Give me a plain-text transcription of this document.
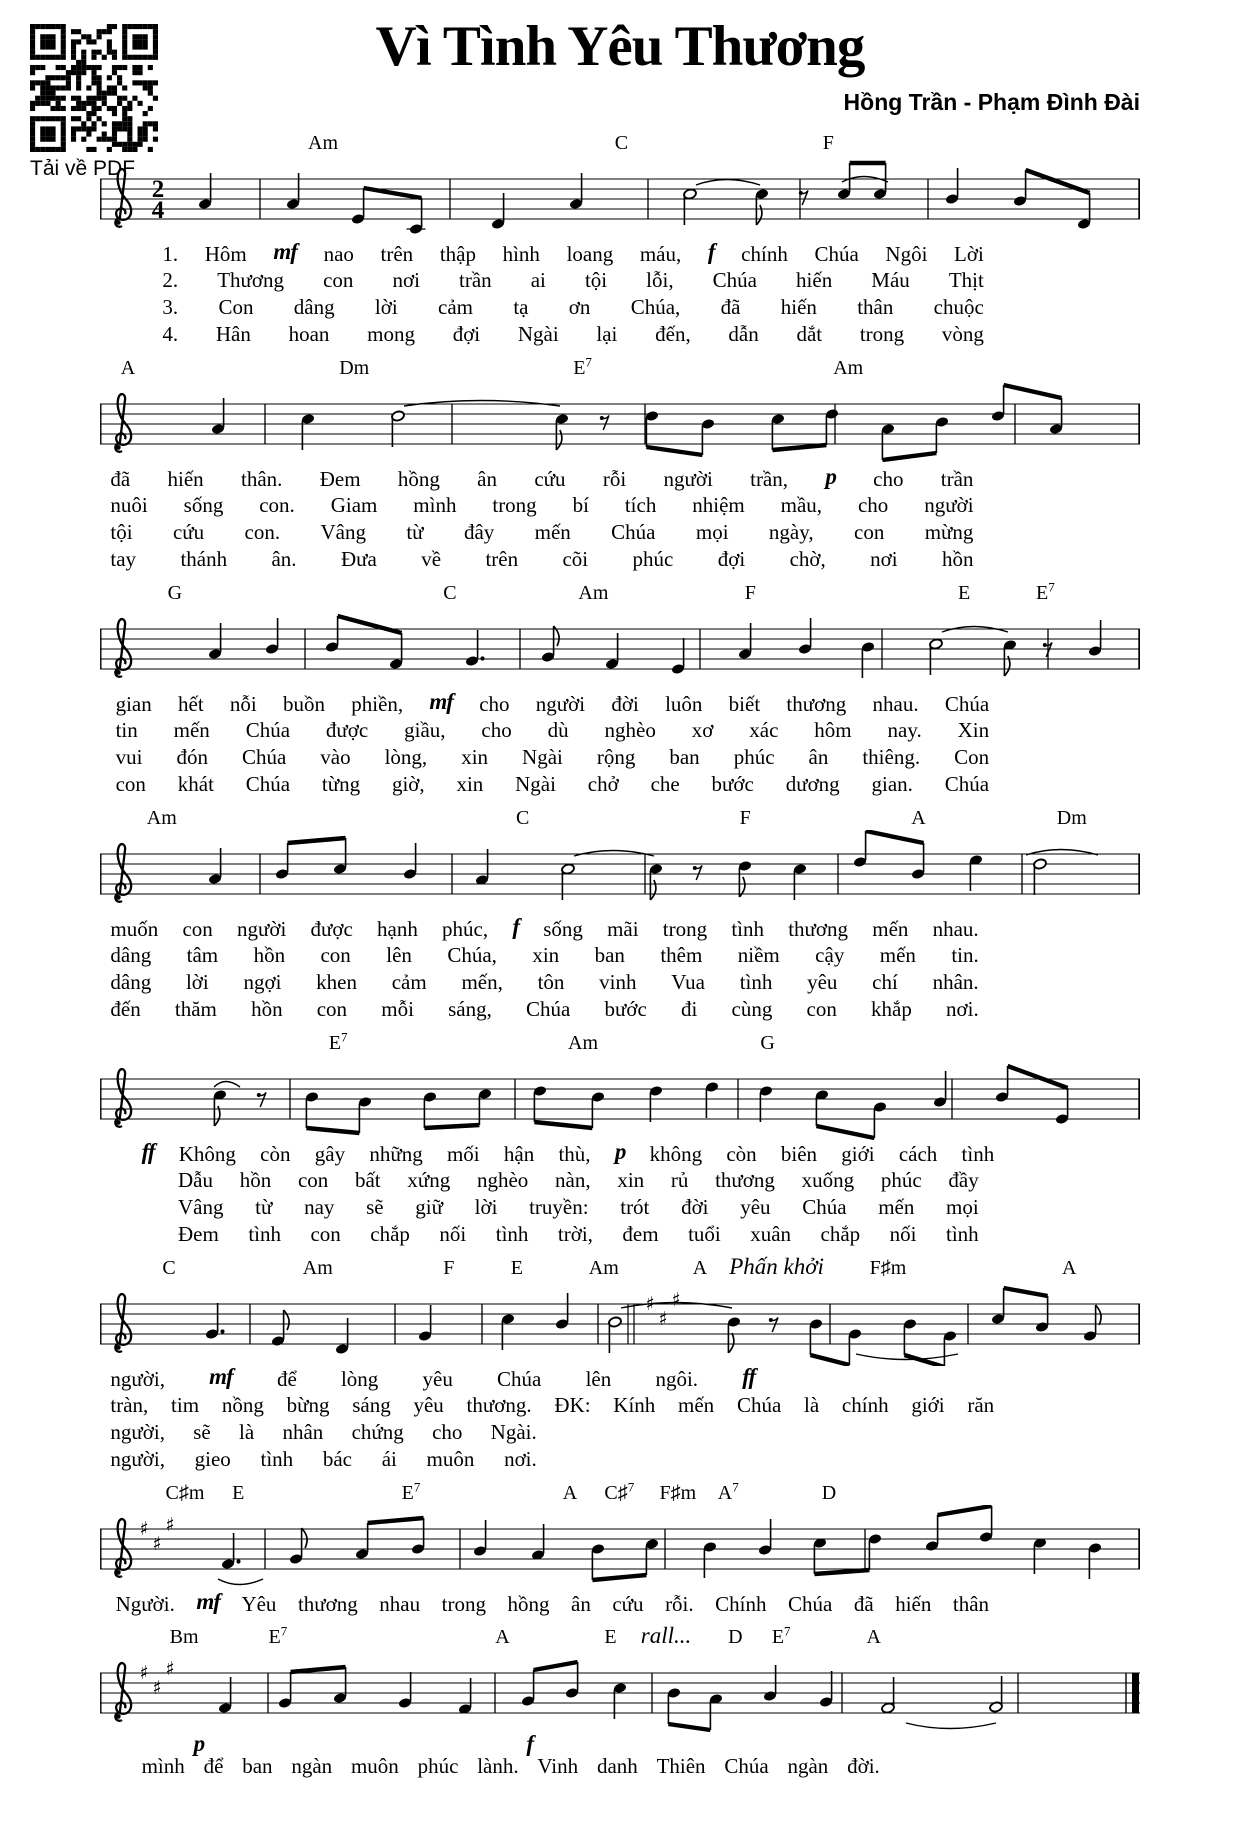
Tải về PDF
Vì Tình Yêu Thương
Hồng Trần - Phạm Đình Đài
Am	C	F
2
4
1. Hôm mf nao trên thập hình loang máu, f chính Chúa Ngôi Lời
2. Thương con nơi trần ai tội lỗi, Chúa hiến Máu Thịt
3. Con dâng lời cảm tạ ơn Chúa, đã hiến thân chuộc
4. Hân hoan mong đợi Ngài lại đến, dẫn dắt trong vòng
A	Dm	$E^7$	Am
đã hiến thân. Đem hồng ân cứu rỗi người trần, p cho trần
nuôi sống con. Giam mình trong bí tích nhiệm mầu, cho người
tội cứu con. Vâng từ đây mến Chúa mọi ngày, con mừng
tay thánh ân. Đưa về trên cõi phúc đợi chờ, nơi hồn
G	C	Am	F	E	$E^7$
gian hết nỗi buồn phiền, mf cho người đời luôn biết thương nhau. Chúa
tin mến Chúa được giầu, cho dù nghèo xơ xác hôm nay. Xin
vui đón Chúa vào lòng, xin Ngài rộng ban phúc ân thiêng. Con
con khát Chúa từng giờ, xin Ngài chở che bước dương gian. Chúa
Am	C	F	A	Dm
muốn con người được hạnh phúc, f sống mãi trong tình thương mến nhau.
dâng tâm hồn con lên Chúa, xin ban thêm niềm cậy mến tin.
dâng lời ngợi khen cảm mến, tôn vinh Vua tình yêu chí nhân.
đến thăm hồn con mỗi sáng, Chúa bước đi cùng con khắp nơi.
$E^7$	Am	G
ff Không còn gây những mối hận thù, p không còn biên giới cách tình
Dẫu hồn con bất xứng nghèo nàn, xin rủ thương xuống phúc đầy
Vâng từ nay sẽ giữ lời truyền: trót đời yêu Chúa mến mọi
Đem tình con chắp nối tình trời, đem tuổi xuân chắp nối tình
C	Am	F	E	Am	A Phấn khởi F♯m	A
♯
♯
♯
người, mf để lòng yêu Chúa lên ngôi. ff
tràn, tim nồng bừng sáng yêu thương. ĐK: Kính mến Chúa là chính giới răn
người, sẽ là nhân chứng cho Ngài.
người, gieo tình bác ái muôn nơi.
C♯m E	$E^7$	A C♯$^7$ F♯m $A^7$	D
♯
♯
♯
Người. mf Yêu thương nhau trong hồng ân cứu rỗi. Chính Chúa đã hiến thân
Bm	$E^7$	A	E rall... D $E^7$	A
♯
♯
♯
p	f
mình để ban ngàn muôn phúc lành. Vinh danh Thiên Chúa ngàn đời.
